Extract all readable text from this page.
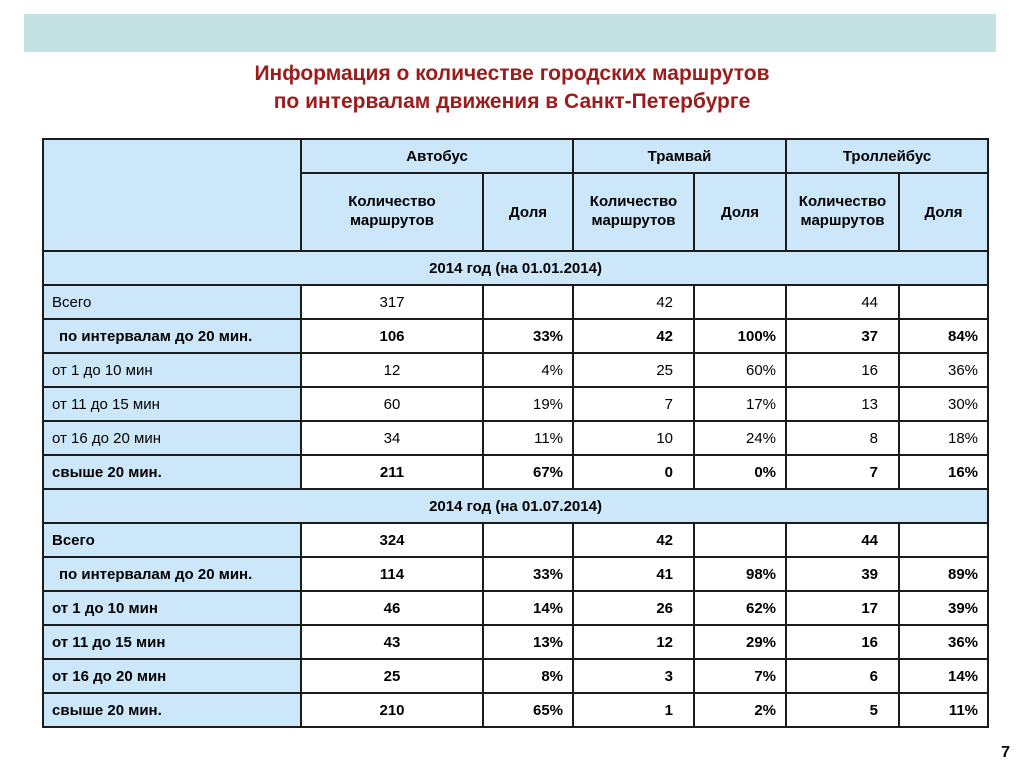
Информация о количестве городских маршрутов
по интервалам движения в Санкт-Петербурге
	Автобус		Трамвай		Троллейбус	
	Количество маршрутов	Доля	Количество маршрутов	Доля	Количество маршрутов	Доля
2014 год (на 01.01.2014)						
Всего	317		42		44	
по интервалам до 20 мин.	106	33%	42	100%	37	84%
от 1 до 10 мин	12	4%	25	60%	16	36%
от 11 до 15 мин	60	19%	7	17%	13	30%
от 16 до 20 мин	34	11%	10	24%	8	18%
свыше 20 мин.	211	67%	0	0%	7	16%
2014 год (на 01.07.2014)						
Всего	324		42		44	
по интервалам до 20 мин.	114	33%	41	98%	39	89%
от 1 до 10 мин	46	14%	26	62%	17	39%
от 11 до 15 мин	43	13%	12	29%	16	36%
от 16 до 20 мин	25	8%	3	7%	6	14%
свыше 20 мин.	210	65%	1	2%	5	11%
7
